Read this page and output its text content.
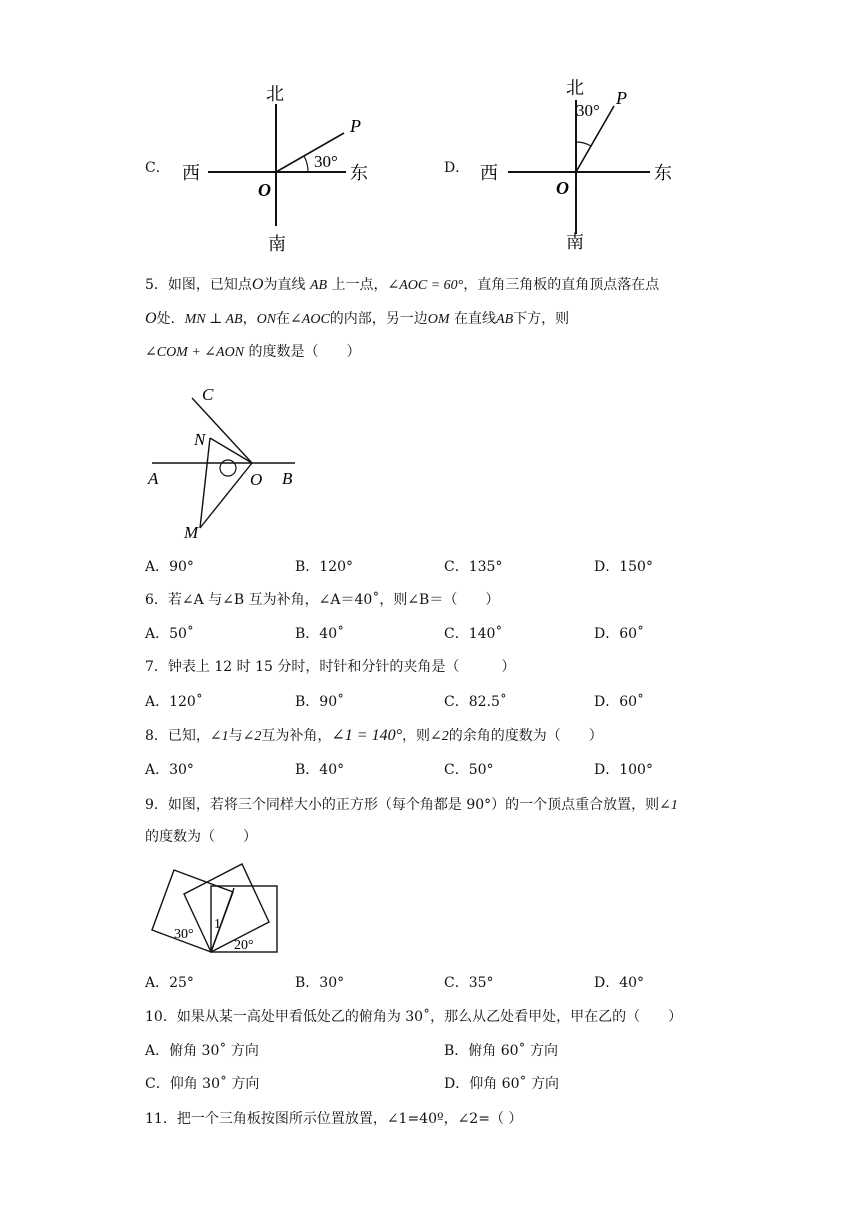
C．
北
南
西	东
O
P
30°	D．
北
南
西	东
O
P
30°
5．如图，已知点O为直线 AB 上一点，∠AOC = 60°，直角三角板的直角顶点落在点
O处．MN ⊥ AB，ON在∠AOC的内部，另一边OM 在直线AB下方，则
∠COM + ∠AON 的度数是（　　）
A	B
C
N
O
M
A．90°	B．120°	C．135°	D．150°
6．若∠A 与∠B 互为补角，∠A＝40˚，则∠B＝（　　）
A．50˚	B．40˚	C．140˚	D．60˚
7．钟表上 12 时 15 分时，时针和分针的夹角是（　　　）
A．120˚	B．90˚	C．82.5˚	D．60˚
8．已知，∠1与∠2互为补角，∠1 = 140°，则∠2的余角的度数为（　　）
A．30°	B．40°	C．50°	D．100°
9．如图，若将三个同样大小的正方形（每个角都是 90°）的一个顶点重合放置，则∠1
的度数为（　　）
30°
1
20°
A．25°	B．30°	C．35°	D．40°
10．如果从某一高处甲看低处乙的俯角为 30˚，那么从乙处看甲处，甲在乙的（　　）
A．俯角 30˚ 方向	B．俯角 60˚ 方向
C．仰角 30˚ 方向	D．仰角 60˚ 方向
11．把一个三角板按图所示位置放置，∠1=40º，∠2=（ ）
